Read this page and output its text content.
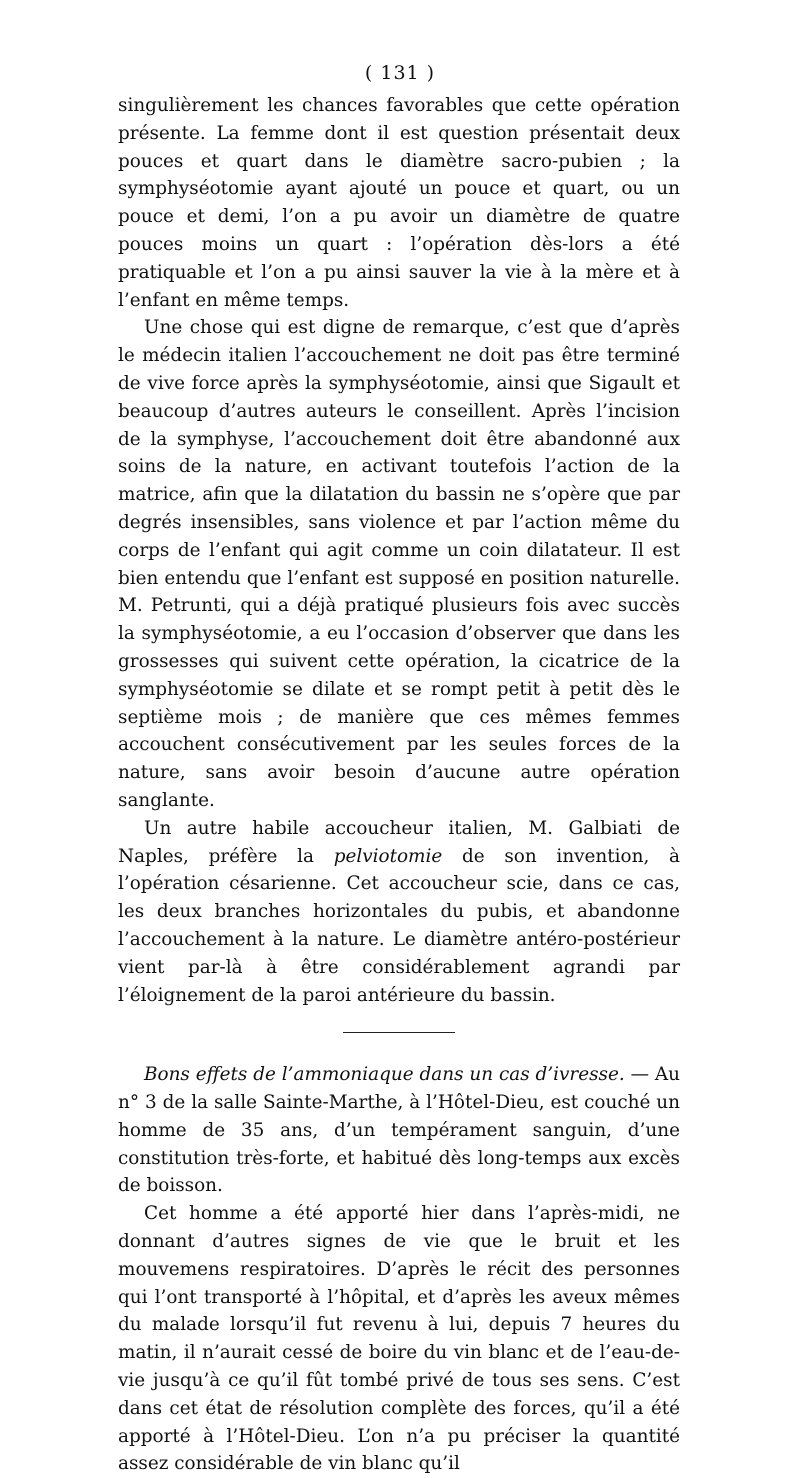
( 131 )

singulièrement les chances favorables que cette opération présente. La femme dont il est question présentait deux pouces et quart dans le diamètre sacro-pubien ; la symphyséotomie ayant ajouté un pouce et quart, ou un pouce et demi, l’on a pu avoir un diamètre de quatre pouces moins un quart : l’opération dès-lors a été pratiquable et l’on a pu ainsi sauver la vie à la mère et à l’enfant en même temps.

Une chose qui est digne de remarque, c’est que d’après le médecin italien l’accouchement ne doit pas être terminé de vive force après la symphyséotomie, ainsi que Sigault et beaucoup d’autres auteurs le conseillent. Après l’incision de la symphyse, l’accouchement doit être abandonné aux soins de la nature, en activant toutefois l’action de la matrice, afin que la dilatation du bassin ne s’opère que par degrés insensibles, sans violence et par l’action même du corps de l’enfant qui agit comme un coin dilatateur. Il est bien entendu que l’enfant est supposé en position naturelle. M. Petrunti, qui a déjà pratiqué plusieurs fois avec succès la symphyséotomie, a eu l’occasion d’observer que dans les grossesses qui suivent cette opération, la cicatrice de la symphyséotomie se dilate et se rompt petit à petit dès le septième mois ; de manière que ces mêmes femmes accouchent consécutivement par les seules forces de la nature, sans avoir besoin d’aucune autre opération sanglante.

Un autre habile accoucheur italien, M. Galbiati de Naples, préfère la pelviotomie de son invention, à l’opération césarienne. Cet accoucheur scie, dans ce cas, les deux branches horizontales du pubis, et abandonne l’accouchement à la nature. Le diamètre antéro-postérieur vient par-là à être considérablement agrandi par l’éloignement de la paroi antérieure du bassin.

Bons effets de l’ammoniaque dans un cas d’ivresse. — Au n° 3 de la salle Sainte-Marthe, à l’Hôtel-Dieu, est couché un homme de 35 ans, d’un tempérament sanguin, d’une constitution très-forte, et habitué dès long-temps aux excès de boisson.

Cet homme a été apporté hier dans l’après-midi, ne donnant d’autres signes de vie que le bruit et les mouvemens respiratoires. D’après le récit des personnes qui l’ont transporté à l’hôpital, et d’après les aveux mêmes du malade lorsqu’il fut revenu à lui, depuis 7 heures du matin, il n’aurait cessé de boire du vin blanc et de l’eau-de-vie jusqu’à ce qu’il fût tombé privé de tous ses sens. C’est dans cet état de résolution complète des forces, qu’il a été apporté à l’Hôtel-Dieu. L’on n’a pu préciser la quantité assez considérable de vin blanc qu’il
